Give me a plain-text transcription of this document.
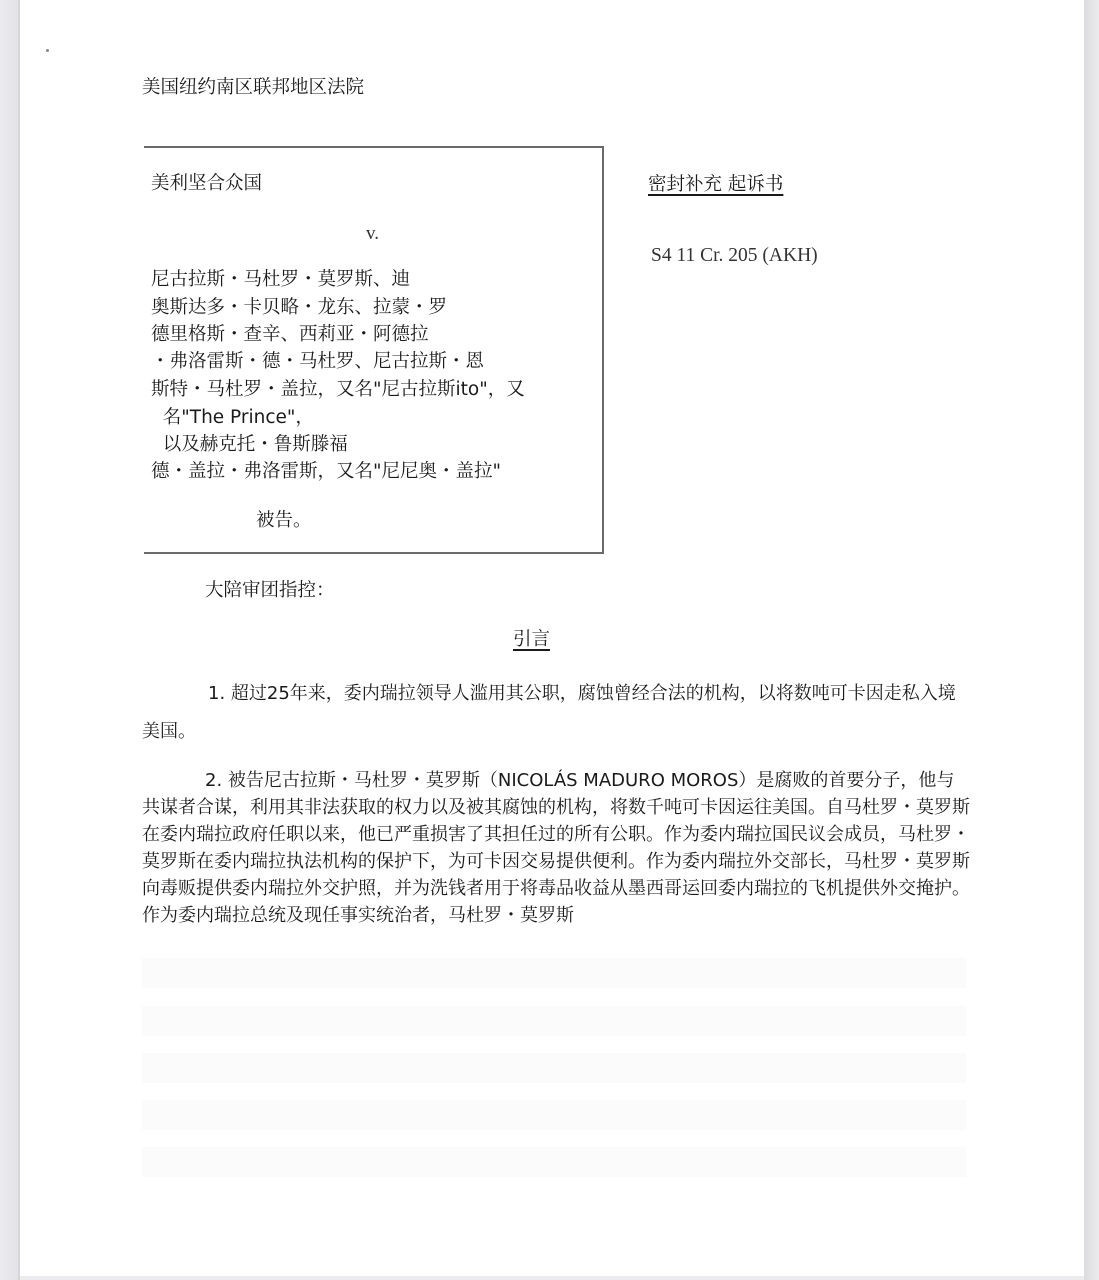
美国纽约南区联邦地区法院
美利坚合众国
v.
尼古拉斯・马杜罗・莫罗斯、迪
奥斯达多・卡贝略・龙东、拉蒙・罗
德里格斯・查辛、西莉亚・阿德拉
・弗洛雷斯・德・马杜罗、尼古拉斯・恩
斯特・马杜罗・盖拉，又名"尼古拉斯ito"，又
名"The Prince"，
以及赫克托・鲁斯滕福
德・盖拉・弗洛雷斯，又名"尼尼奥・盖拉"
被告。
密封补充 起诉书
S4 11 Cr. 205 (AKH)
大陪审团指控：
引言
1. 超过25年来，委内瑞拉领导人滥用其公职，腐蚀曾经合法的机构，以将数吨可卡因走私入境美国。
2. 被告尼古拉斯・马杜罗・莫罗斯（NICOLÁS MADURO MOROS）是腐败的首要分子，他与共谋者合谋，利用其非法获取的权力以及被其腐蚀的机构，将数千吨可卡因运往美国。自马杜罗・莫罗斯在委内瑞拉政府任职以来，他已严重损害了其担任过的所有公职。作为委内瑞拉国民议会成员，马杜罗・莫罗斯在委内瑞拉执法机构的保护下，为可卡因交易提供便利。作为委内瑞拉外交部长，马杜罗・莫罗斯向毒贩提供委内瑞拉外交护照，并为洗钱者用于将毒品收益从墨西哥运回委内瑞拉的飞机提供外交掩护。作为委内瑞拉总统及现任事实统治者，马杜罗・莫罗斯
